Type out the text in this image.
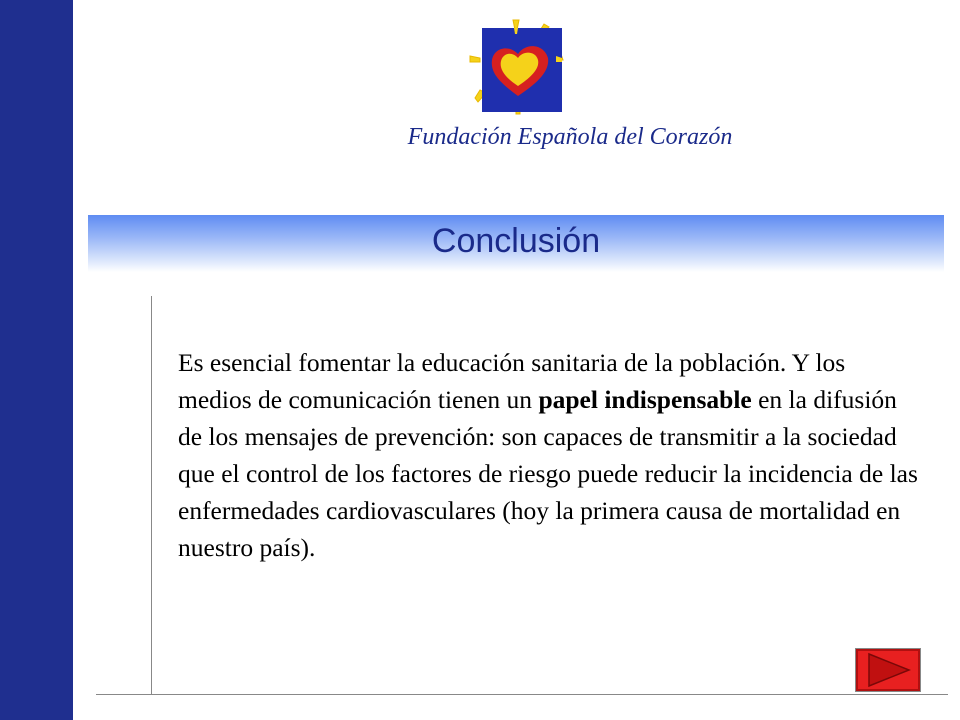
Fundación Española del Corazón
Conclusión
Es esencial fomentar la educación sanitaria de la población. Y los medios de comunicación tienen un papel indispensable en la difusión de los mensajes de prevención: son capaces de transmitir a la sociedad que el control de los factores de riesgo puede reducir la incidencia de las enfermedades cardiovasculares (hoy la primera causa de mortalidad en nuestro país).
